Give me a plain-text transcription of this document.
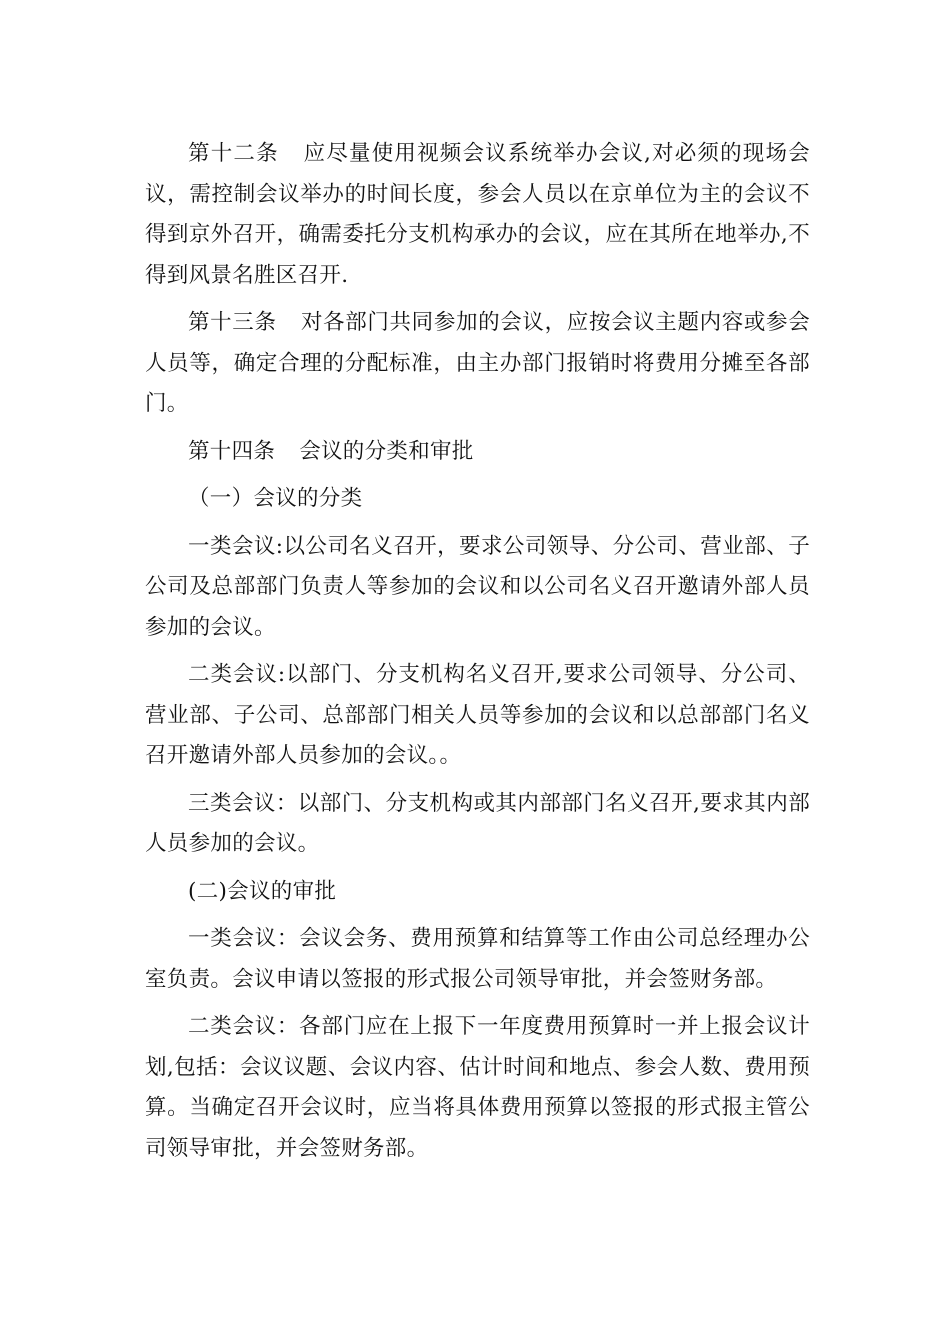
第十二条 应尽量使用视频会议系统举办会议,对必须的现场会议，需控制会议举办的时间长度，参会人员以在京单位为主的会议不得到京外召开，确需委托分支机构承办的会议，应在其所在地举办,不得到风景名胜区召开.

第十三条 对各部门共同参加的会议，应按会议主题内容或参会人员等，确定合理的分配标准，由主办部门报销时将费用分摊至各部门。

第十四条 会议的分类和审批

（一）会议的分类

一类会议:以公司名义召开，要求公司领导、分公司、营业部、子公司及总部部门负责人等参加的会议和以公司名义召开邀请外部人员参加的会议。

二类会议:以部门、分支机构名义召开,要求公司领导、分公司、营业部、子公司、总部部门相关人员等参加的会议和以总部部门名义召开邀请外部人员参加的会议。。

三类会议：以部门、分支机构或其内部部门名义召开,要求其内部人员参加的会议。

(二)会议的审批

一类会议：会议会务、费用预算和结算等工作由公司总经理办公室负责。会议申请以签报的形式报公司领导审批，并会签财务部。

二类会议：各部门应在上报下一年度费用预算时一并上报会议计划,包括：会议议题、会议内容、估计时间和地点、参会人数、费用预算。当确定召开会议时，应当将具体费用预算以签报的形式报主管公司领导审批，并会签财务部。
